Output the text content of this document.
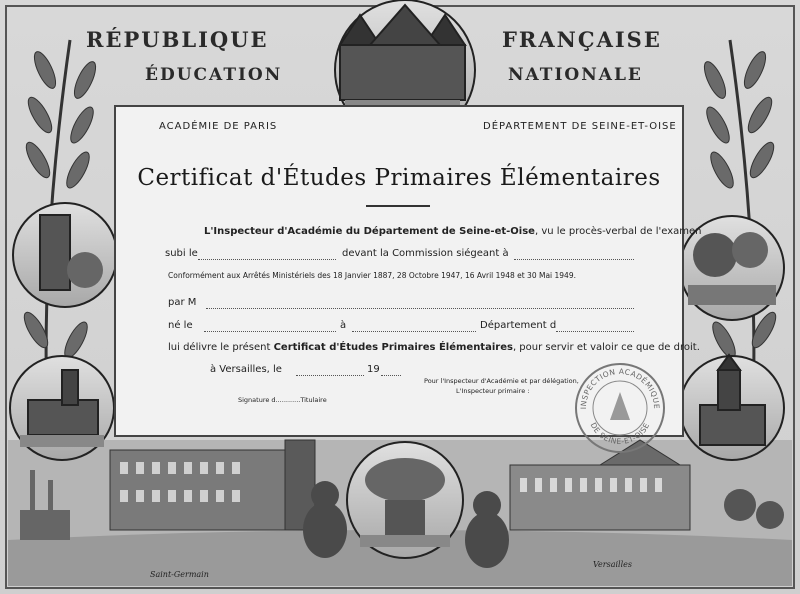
RÉPUBLIQUE	FRANÇAISE
ÉDUCATION	NATIONALE
ACADÉMIE DE PARIS	DÉPARTEMENT DE SEINE-ET-OISE
Certificat d'Études Primaires Élémentaires
L'Inspecteur d'Académie du Département de Seine-et-Oise, vu le procès-verbal de l'examen
subi le	devant la Commission siégeant à
Conformément aux Arrêtés Ministériels des 18 Janvier 1887, 28 Octobre 1947, 16 Avril 1948 et 30 Mai 1949.
par M
né le	à	Département d
lui délivre le présent Certificat d'Études Primaires Élémentaires, pour servir et valoir ce que de droit.
à Versailles, le	19
Signature d............Titulaire
Pour l'Inspecteur d'Académie et par délégation,
L'Inspecteur primaire :
INSPECTION ACADÉMIQUE
DE SEINE-ET-OISE
Saint-Germain
Versailles
